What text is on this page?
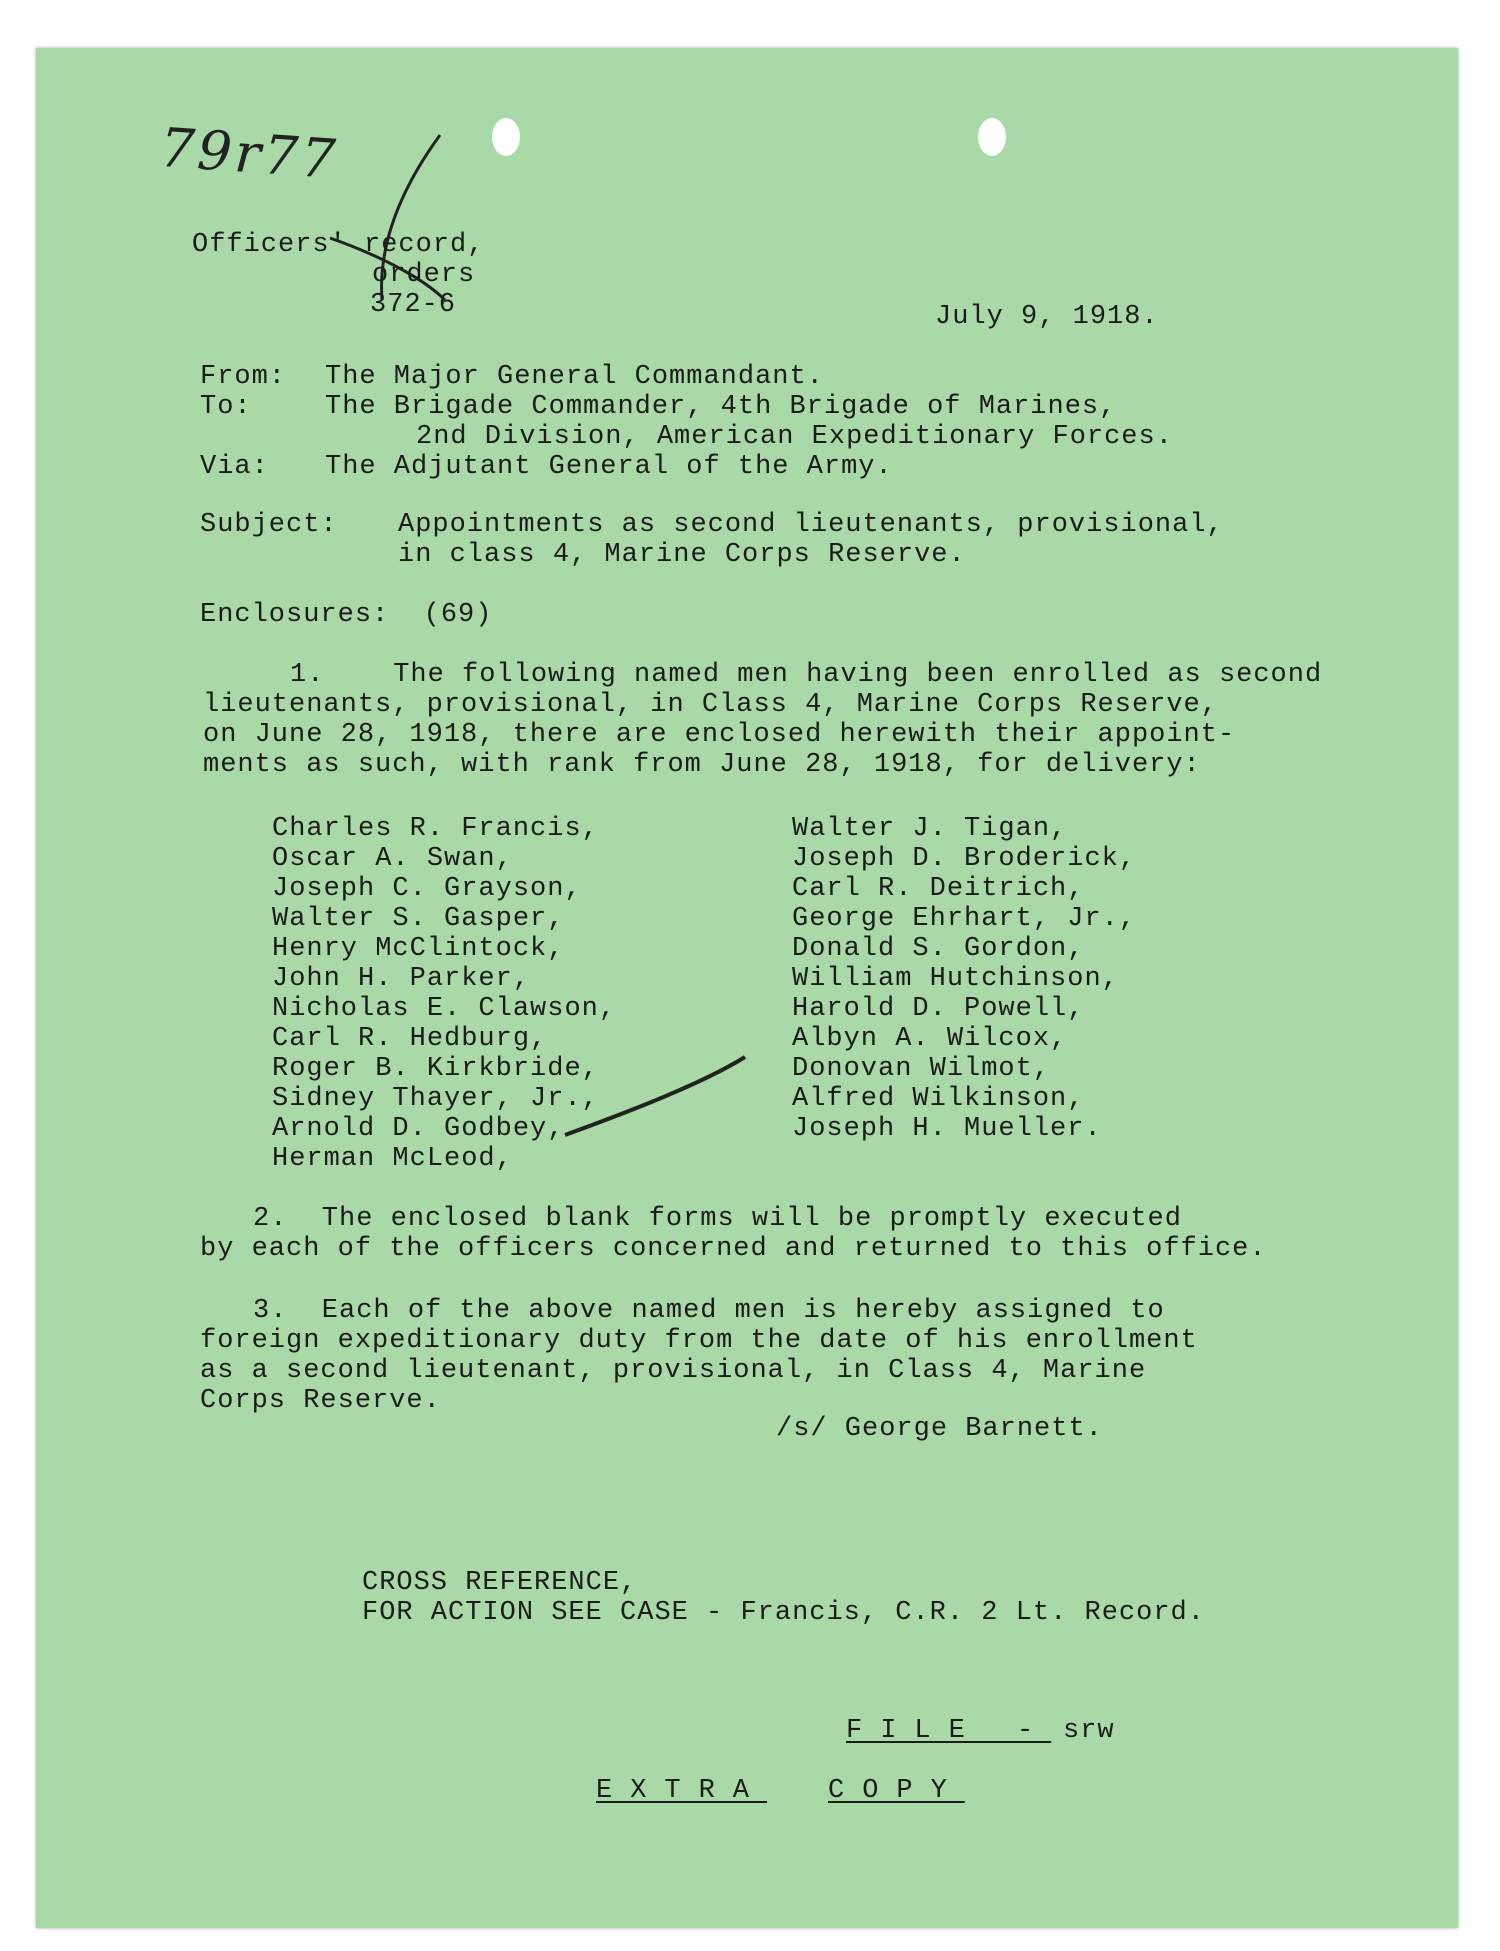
79r77
Officers' record,
orders
372-6	July 9, 1918.
From: The Major General Commandant.
To:	The Brigade Commander, 4th Brigade of Marines,
2nd Division, American Expeditionary Forces.
Via: The Adjutant General of the Army.
Subject: Appointments as second lieutenants, provisional,
in class 4, Marine Corps Reserve.
Enclosures:  (69)
1.    The following named men having been enrolled as second
lieutenants, provisional, in Class 4, Marine Corps Reserve,
on June 28, 1918, there are enclosed herewith their appoint-
ments as such, with rank from June 28, 1918, for delivery:
Charles R. Francis,
Oscar A. Swan,
Joseph C. Grayson,
Walter S. Gasper,
Henry McClintock,
John H. Parker,
Nicholas E. Clawson,
Carl R. Hedburg,
Roger B. Kirkbride,
Sidney Thayer, Jr.,
Arnold D. Godbey,
Herman McLeod,
Walter J. Tigan,
Joseph D. Broderick,
Carl R. Deitrich,
George Ehrhart, Jr.,
Donald S. Gordon,
William Hutchinson,
Harold D. Powell,
Albyn A. Wilcox,
Donovan Wilmot,
Alfred Wilkinson,
Joseph H. Mueller.
2.  The enclosed blank forms will be promptly executed
by each of the officers concerned and returned to this office.
3.  Each of the above named men is hereby assigned to
foreign expeditionary duty from the date of his enrollment
as a second lieutenant, provisional, in Class 4, Marine
Corps Reserve.
/s/ George Barnett.
CROSS REFERENCE,
FOR ACTION SEE CASE - Francis, C.R. 2 Lt. Record.
FILE - srw
EXTRA COPY
